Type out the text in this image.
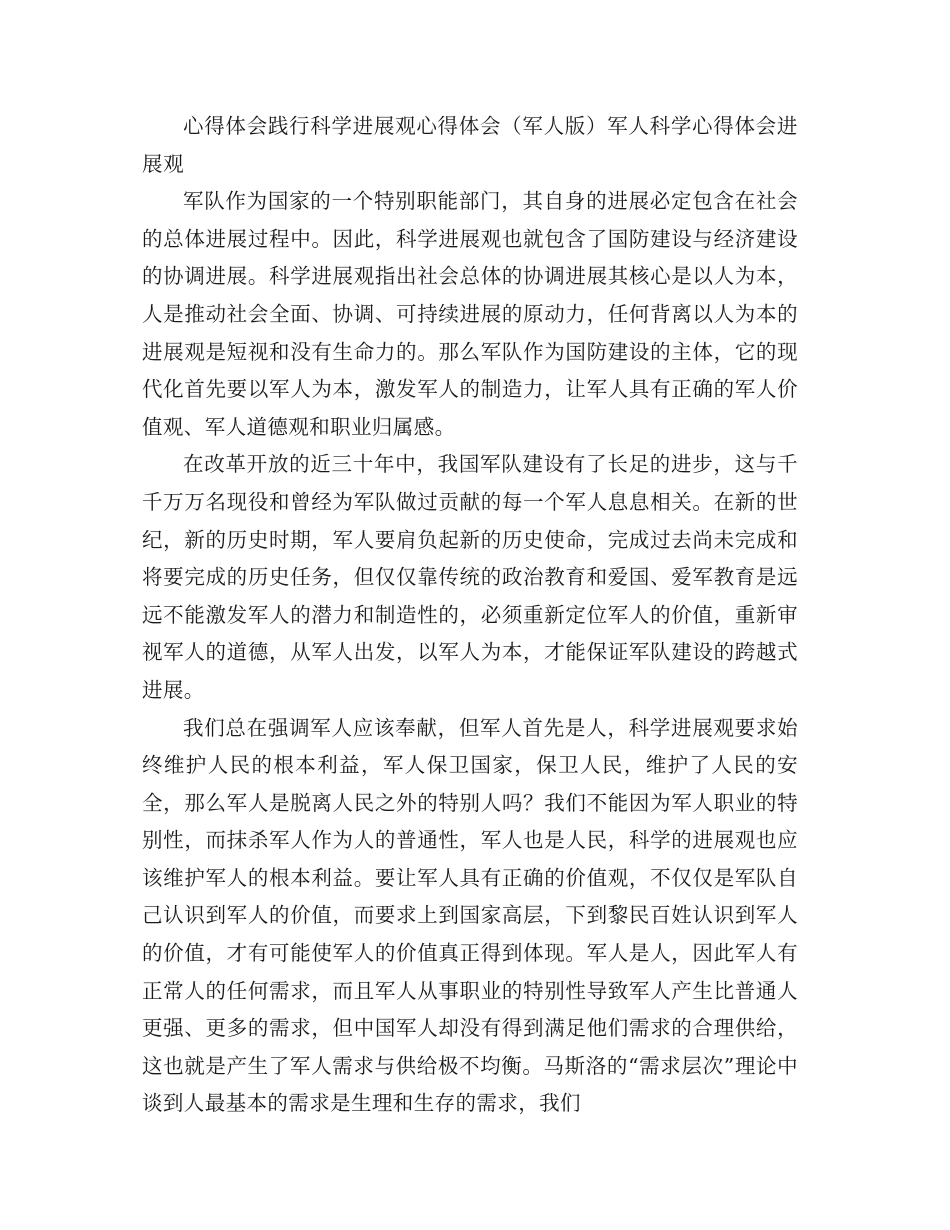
心得体会践行科学进展观心得体会（军人版）军人科学心得体会进展观

军队作为国家的一个特别职能部门，其自身的进展必定包含在社会的总体进展过程中。因此，科学进展观也就包含了国防建设与经济建设的协调进展。科学进展观指出社会总体的协调进展其核心是以人为本，人是推动社会全面、协调、可持续进展的原动力，任何背离以人为本的进展观是短视和没有生命力的。那么军队作为国防建设的主体，它的现代化首先要以军人为本，激发军人的制造力，让军人具有正确的军人价值观、军人道德观和职业归属感。

在改革开放的近三十年中，我国军队建设有了长足的进步，这与千千万万名现役和曾经为军队做过贡献的每一个军人息息相关。在新的世纪，新的历史时期，军人要肩负起新的历史使命，完成过去尚未完成和将要完成的历史任务，但仅仅靠传统的政治教育和爱国、爱军教育是远远不能激发军人的潜力和制造性的，必须重新定位军人的价值，重新审视军人的道德，从军人出发，以军人为本，才能保证军队建设的跨越式进展。

我们总在强调军人应该奉献，但军人首先是人，科学进展观要求始终维护人民的根本利益，军人保卫国家，保卫人民，维护了人民的安全，那么军人是脱离人民之外的特别人吗？我们不能因为军人职业的特别性，而抹杀军人作为人的普通性，军人也是人民，科学的进展观也应该维护军人的根本利益。要让军人具有正确的价值观，不仅仅是军队自己认识到军人的价值，而要求上到国家高层，下到黎民百姓认识到军人的价值，才有可能使军人的价值真正得到体现。军人是人，因此军人有正常人的任何需求，而且军人从事职业的特别性导致军人产生比普通人更强、更多的需求，但中国军人却没有得到满足他们需求的合理供给，这也就是产生了军人需求与供给极不均衡。马斯洛的“需求层次”理论中谈到人最基本的需求是生理和生存的需求，我们
